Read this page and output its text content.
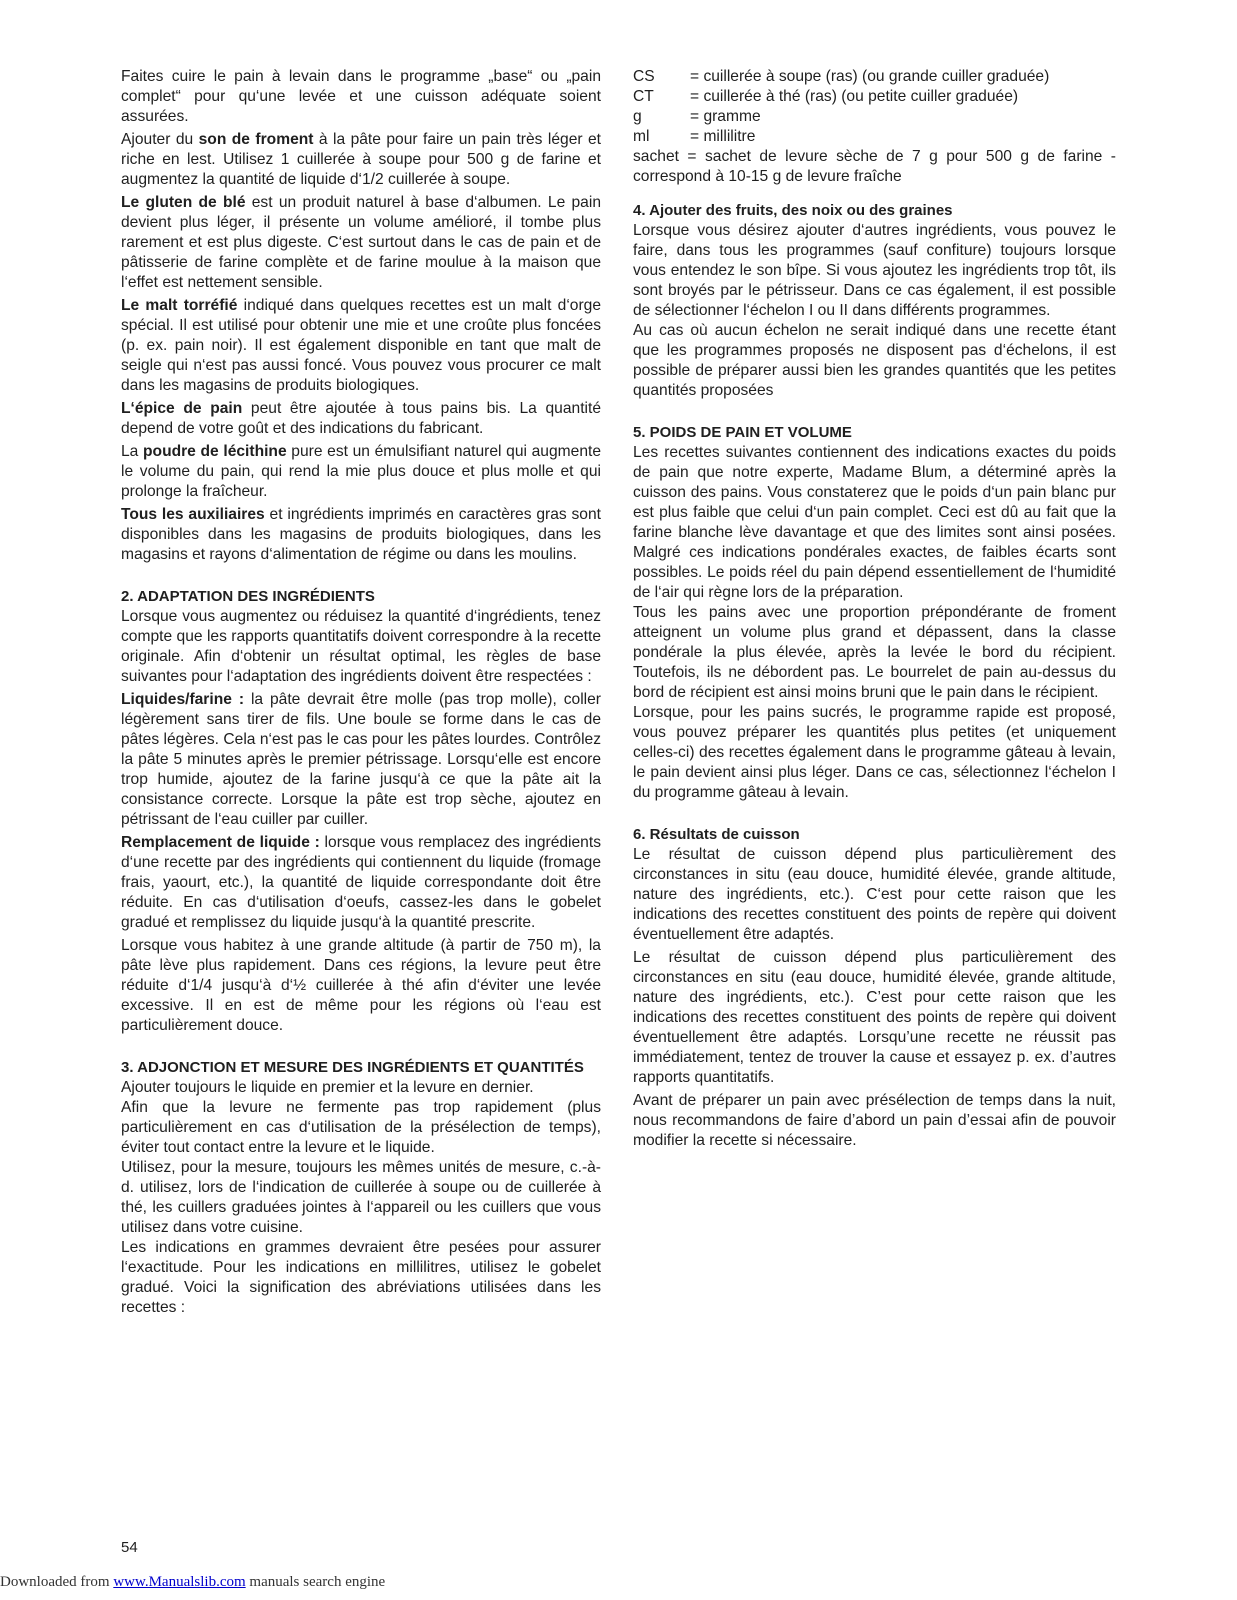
Faites cuire le pain à levain dans le programme „base“ ou „pain complet“ pour qu‘une levée et une cuisson adéquate soient assurées.

Ajouter du son de froment à la pâte pour faire un pain très léger et riche en lest. Utilisez 1 cuillerée à soupe pour 500 g de farine et augmentez la quantité de liquide d‘1/2 cuillerée à soupe.

Le gluten de blé est un produit naturel à base d‘albumen. Le pain devient plus léger, il présente un volume amélioré, il tombe plus rarement et est plus digeste. C‘est surtout dans le cas de pain et de pâtisserie de farine complète et de farine moulue à la maison que l‘effet est nettement sensible.

Le malt torréfié indiqué dans quelques recettes est un malt d‘orge spécial. Il est utilisé pour obtenir une mie et une croûte plus foncées (p. ex. pain noir). Il est également disponible en tant que malt de seigle qui n‘est pas aussi foncé. Vous pouvez vous procurer ce malt dans les magasins de produits biologiques.

L‘épice de pain peut être ajoutée à tous pains bis. La quantité depend de votre goût et des indications du fabricant.

La poudre de lécithine pure est un émulsifiant naturel qui augmente le volume du pain, qui rend la mie plus douce et plus molle et qui prolonge la fraîcheur.

Tous les auxiliaires et ingrédients imprimés en caractères gras sont disponibles dans les magasins de produits biologiques, dans les magasins et rayons d‘alimentation de régime ou dans les moulins.

2. ADAPTATION DES INGRÉDIENTS

Lorsque vous augmentez ou réduisez la quantité d‘ingrédients, tenez compte que les rapports quantitatifs doivent correspondre à la recette originale. Afin d‘obtenir un résultat optimal, les règles de base suivantes pour l‘adaptation des ingrédients doivent être respectées :

Liquides/farine : la pâte devrait être molle (pas trop molle), coller légèrement sans tirer de fils. Une boule se forme dans le cas de pâtes légères. Cela n‘est pas le cas pour les pâtes lourdes. Contrôlez la pâte 5 minutes après le premier pétrissage. Lorsqu‘elle est encore trop humide, ajoutez de la farine jusqu‘à ce que la pâte ait la consistance correcte. Lorsque la pâte est trop sèche, ajoutez en pétrissant de l‘eau cuiller par cuiller.

Remplacement de liquide : lorsque vous remplacez des ingrédients d‘une recette par des ingrédients qui contiennent du liquide (fromage frais, yaourt, etc.), la quantité de liquide correspondante doit être réduite. En cas d‘utilisation d‘oeufs, cassez-les dans le gobelet gradué et remplissez du liquide jusqu‘à la quantité prescrite.

Lorsque vous habitez à une grande altitude (à partir de 750 m), la pâte lève plus rapidement. Dans ces régions, la levure peut être réduite d‘1/4 jusqu‘à d‘½ cuillerée à thé afin d‘éviter une levée excessive. Il en est de même pour les régions où l‘eau est particulièrement douce.

3. ADJONCTION ET MESURE DES INGRÉDIENTS ET QUANTITÉS

Ajouter toujours le liquide en premier et la levure en dernier.

Afin que la levure ne fermente pas trop rapidement (plus particulièrement en cas d‘utilisation de la présélection de temps), éviter tout contact entre la levure et le liquide.

Utilisez, pour la mesure, toujours les mêmes unités de mesure, c.-à-d. utilisez, lors de l‘indication de cuillerée à soupe ou de cuillerée à thé, les cuillers graduées jointes à l‘appareil ou les cuillers que vous utilisez dans votre cuisine.

Les indications en grammes devraient être pesées pour assurer l‘exactitude. Pour les indications en millilitres, utilisez le gobelet gradué. Voici la signification des abréviations utilisées dans les recettes :

CS	= cuillerée à soupe (ras) (ou grande cuiller graduée)
CT	= cuillerée à thé (ras) (ou petite cuiller graduée)
g	= gramme
ml	= millilitre

sachet = sachet de levure sèche de 7 g pour 500 g de farine - correspond à 10-15 g de levure fraîche

4. Ajouter des fruits, des noix ou des graines

Lorsque vous désirez ajouter d‘autres ingrédients, vous pouvez le faire, dans tous les programmes (sauf confiture) toujours lorsque vous entendez le son bîpe. Si vous ajoutez les ingrédients trop tôt, ils sont broyés par le pétrisseur. Dans ce cas également, il est possible de sélectionner l‘échelon I ou II dans différents programmes.

Au cas où aucun échelon ne serait indiqué dans une recette étant que les programmes proposés ne disposent pas d‘échelons, il est possible de préparer aussi bien les grandes quantités que les petites quantités proposées

5. POIDS DE PAIN ET VOLUME

Les recettes suivantes contiennent des indications exactes du poids de pain que notre experte, Madame Blum, a déterminé après la cuisson des pains. Vous constaterez que le poids d‘un pain blanc pur est plus faible que celui d‘un pain complet. Ceci est dû au fait que la farine blanche lève davantage et que des limites sont ainsi posées. Malgré ces indications pondérales exactes, de faibles écarts sont possibles. Le poids réel du pain dépend essentiellement de l‘humidité de l‘air qui règne lors de la préparation.

Tous les pains avec une proportion prépondérante de froment atteignent un volume plus grand et dépassent, dans la classe pondérale la plus élevée, après la levée le bord du récipient. Toutefois, ils ne débordent pas. Le bourrelet de pain au-dessus du bord de récipient est ainsi moins bruni que le pain dans le récipient.

Lorsque, pour les pains sucrés, le programme rapide est proposé, vous pouvez préparer les quantités plus petites (et uniquement celles-ci) des recettes également dans le programme gâteau à levain, le pain devient ainsi plus léger. Dans ce cas, sélectionnez l‘échelon I du programme gâteau à levain.

6. Résultats de cuisson

Le résultat de cuisson dépend plus particulièrement des circonstances in situ (eau douce, humidité élevée, grande altitude, nature des ingrédients, etc.). C‘est pour cette raison que les indications des recettes constituent des points de repère qui doivent éventuellement être adaptés.

Le résultat de cuisson dépend plus particulièrement des circonstances en situ (eau douce, humidité élevée, grande altitude, nature des ingrédients, etc.). C’est pour cette raison que les indications des recettes constituent des points de repère qui doivent éventuellement être adaptés. Lorsqu’une recette ne réussit pas immédiatement, tentez de trouver la cause et essayez p. ex. d’autres rapports quantitatifs.

Avant de préparer un pain avec présélection de temps dans la nuit, nous recommandons de faire d’abord un pain d’essai afin de pouvoir modifier la recette si nécessaire.

54
Downloaded from www.Manualslib.com manuals search engine
